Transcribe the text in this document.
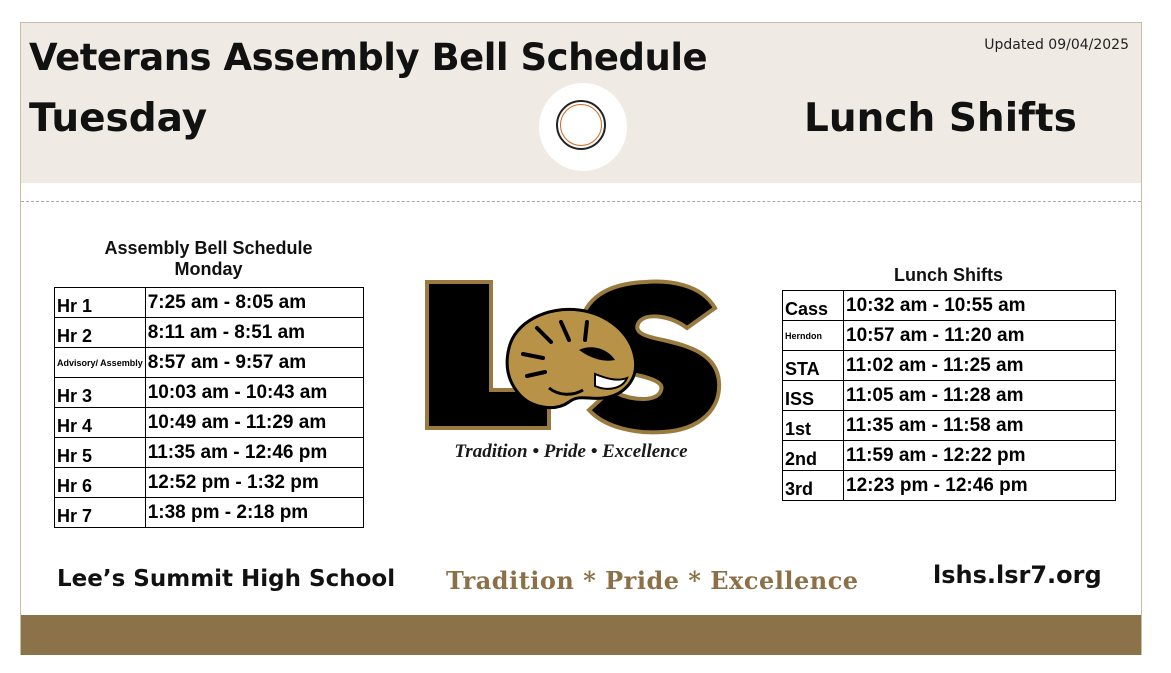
Veterans Assembly Bell Schedule
Tuesday	Lunch Shifts
Updated 09/04/2025
Assembly Bell Schedule
Monday
Hr 1	7:25 am - 8:05 am
Hr 2	8:11 am - 8:51 am
Advisory/ Assembly	8:57 am - 9:57 am
Hr 3	10:03 am - 10:43 am
Hr 4	10:49 am - 11:29 am
Hr 5	11:35 am - 12:46 pm
Hr 6	12:52 pm - 1:32 pm
Hr 7	1:38 pm - 2:18 pm
Tradition • Pride • Excellence
Lunch Shifts
Cass	10:32 am - 10:55 am
Herndon	10:57 am - 11:20 am
STA	11:02 am - 11:25 am
ISS	11:05 am - 11:28 am
1st	11:35 am - 11:58 am
2nd	11:59 am - 12:22 pm
3rd	12:23 pm - 12:46 pm
Lee’s Summit High School Tradition * Pride * Excellence	lshs.lsr7.org
